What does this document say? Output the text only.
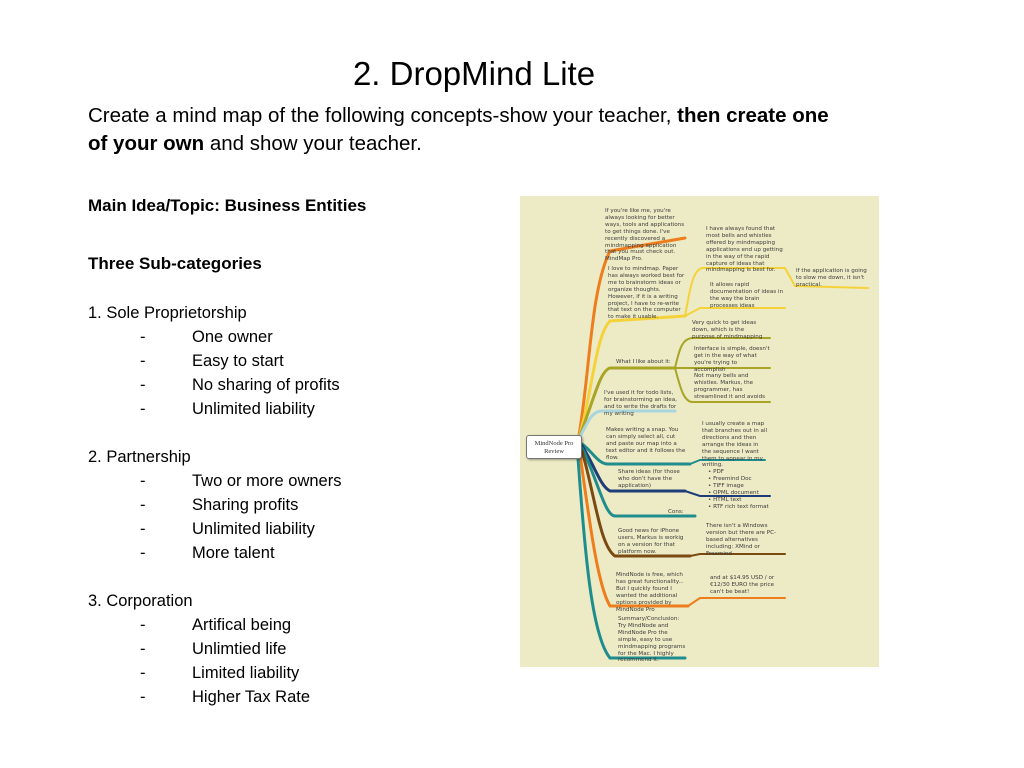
2. DropMind Lite
Create a mind map of the following concepts-show your teacher, then create one of your own and show your teacher.
Main Idea/Topic: Business Entities
Three Sub-categories
1. Sole Proprietorship
-	One owner
-	Easy to start
-	No sharing of profits
-	Unlimited liability
2. Partnership
-	Two or more owners
-	Sharing profits
-	Unlimited liability
-	More talent
3. Corporation
-	Artifical being
-	Unlimtied life
-	Limited liability
-	Higher Tax Rate
MindNode Pro Review
If you're like me, you're always looking for better ways, tools and applications to get things done. I've recently discovered a mindmapping application that you must check out. MindMap Pro.
I have always found that most bells and whistles offered by mindmapping applications end up getting in the way of the rapid capture of ideas that mindmapping is best for.	If the application is going to slow me down, it isn't practical.
I love to mindmap. Paper has always worked best for me to brainstorm ideas or organize thoughts. However, if it is a writing project, I have to re-write that text on the computer to make it usable.
It allows rapid documentation of ideas in the way the brain processes ideas
Very quick to get ideas down, which is the purpose of mindmapping
Interface is simple, doesn't get in the way of what you're trying to accomplish
What I like about it:
Not many bells and whistles. Markus, the programmer, has streamlined it and avoids
I've used it for todo lists, for brainstorming an idea, and to write the drafts for my writing
Makes writing a snap. You can simply select all, cut and paste our map into a text editor and it follows the flow.
I usually create a map that branches out in all directions and then arrange the ideas in the sequence I want them to appear in my writing.
Share ideas (for those who don't have the application)
• PDF
• Freemind Doc
• TIFF image
• OPML document
• HTML text
• RTF rich text format
Cons:
Good news for iPhone users, Markus is workig on a version for that platform now.
There isn't a Windows version but there are PC-based alternatives including: XMind or Freemind
MindNode is free, which has great functionality... But I quickly found I wanted the additional options provided by MindNode Pro
and at $14.95 USD / or €12/30 EURO the price can't be beat!
Summary/Conclusion: Try MindNode and MindNode Pro the simple, easy to use mindmapping programs for the Mac. I highly recommend it.
